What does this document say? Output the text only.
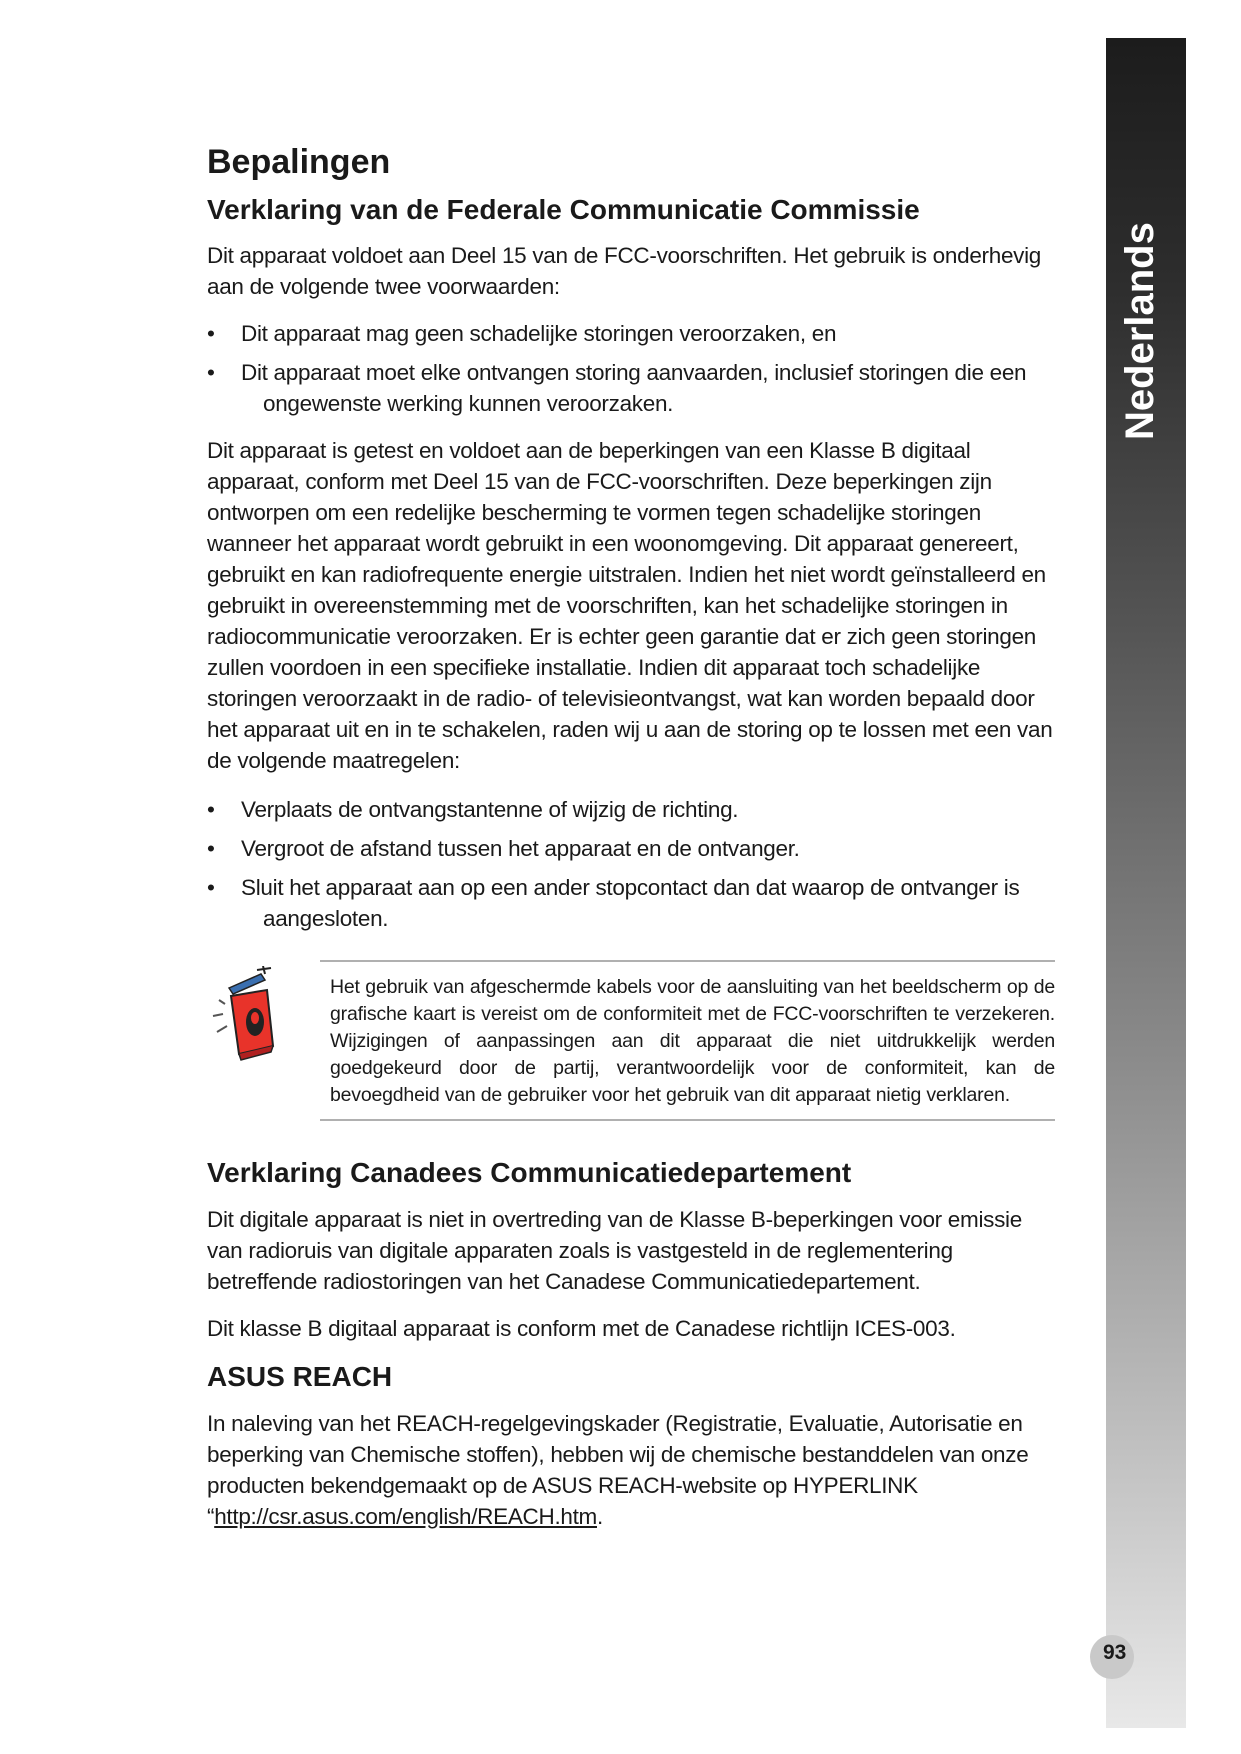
Nederlands
93
Bepalingen
Verklaring van de Federale Communicatie Commissie

Dit apparaat voldoet aan Deel 15 van de FCC-voorschriften. Het gebruik is onderhevig aan de volgende twee voorwaarden:

• Dit apparaat mag geen schadelijke storingen veroorzaken, en
• Dit apparaat moet elke ontvangen storing aanvaarden, inclusief storingen die een
ongewenste werking kunnen veroorzaken.

Dit apparaat is getest en voldoet aan de beperkingen van een Klasse B digitaal apparaat, conform met Deel 15 van de FCC-voorschriften. Deze beperkingen zijn ontworpen om een redelijke bescherming te vormen tegen schadelijke storingen wanneer het apparaat wordt gebruikt in een woonomgeving. Dit apparaat genereert, gebruikt en kan radiofrequente energie uitstralen. Indien het niet wordt geïnstalleerd en gebruikt in overeenstemming met de voorschriften, kan het schadelijke storingen in radiocommunicatie veroorzaken. Er is echter geen garantie dat er zich geen storingen zullen voordoen in een specifieke installatie. Indien dit apparaat toch schadelijke storingen veroorzaakt in de radio- of televisieontvangst, wat kan worden bepaald door het apparaat uit en in te schakelen, raden wij u aan de storing op te lossen met een van de volgende maatregelen:

• Verplaats de ontvangstantenne of wijzig de richting.
• Vergroot de afstand tussen het apparaat en de ontvanger.
• Sluit het apparaat aan op een ander stopcontact dan dat waarop de ontvanger is
aangesloten.
Het gebruik van afgeschermde kabels voor de aansluiting van het beeldscherm op de grafische kaart is vereist om de conformiteit met de FCC-voorschriften te verzekeren. Wijzigingen of aanpassingen aan dit apparaat die niet uitdrukkelijk werden goedgekeurd door de partij, verantwoordelijk voor de conformiteit, kan de bevoegdheid van de gebruiker voor het gebruik van dit apparaat nietig verklaren.
Verklaring Canadees Communicatiedepartement

Dit digitale apparaat is niet in overtreding van de Klasse B-beperkingen voor emissie van radioruis van digitale apparaten zoals is vastgesteld in de reglementering betreffende radiostoringen van het Canadese Communicatiedepartement.

Dit klasse B digitaal apparaat is conform met de Canadese richtlijn ICES-003.

ASUS REACH

In naleving van het REACH-regelgevingskader (Registratie, Evaluatie, Autorisatie en beperking van Chemische stoffen), hebben wij de chemische bestanddelen van onze producten bekendgemaakt op de ASUS REACH-website op HYPERLINK “http://csr.asus.com/english/REACH.htm.
